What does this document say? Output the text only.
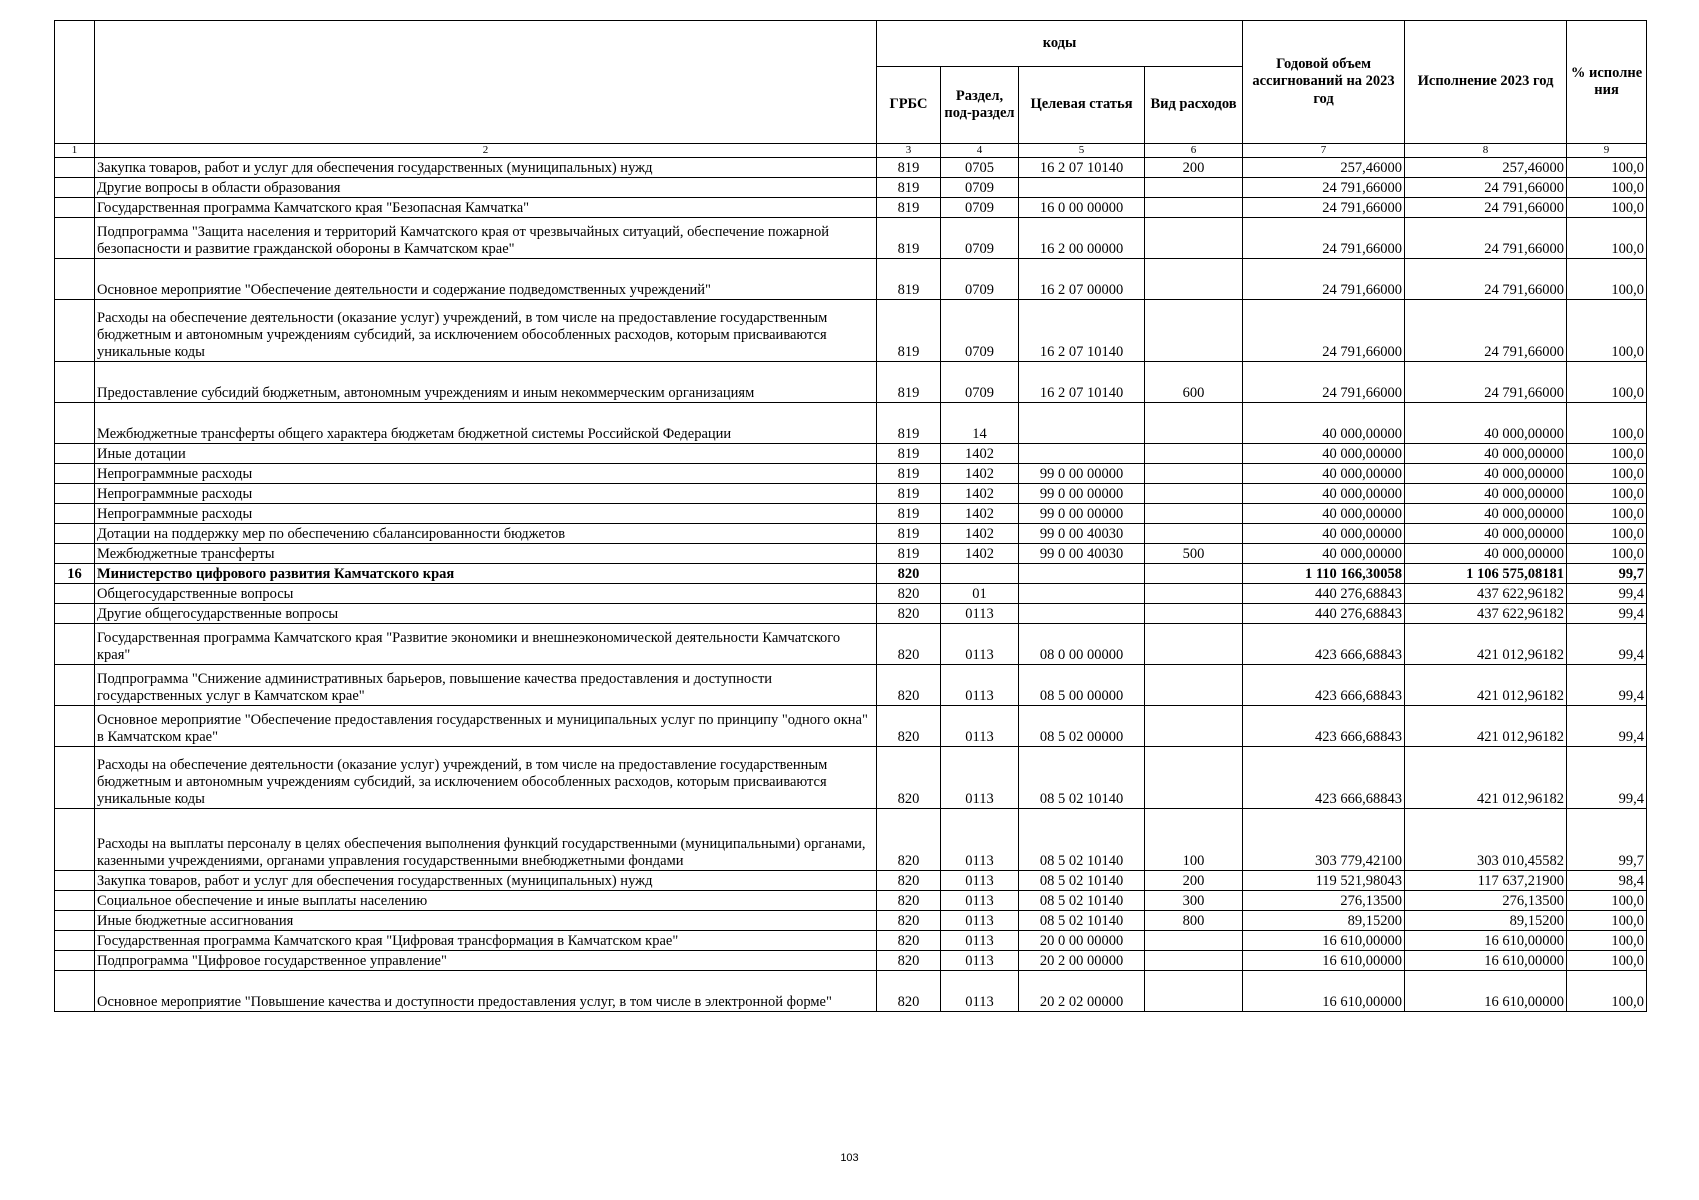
		коды				Годовой объем ассигнований на 2023 год	Исполнение 2023 год	% исполне ния
		ГРБС	Раздел, под-раздел	Целевая статья	Вид расходов			
1	2	3	4	5	6	7	8	9
	Закупка товаров, работ и услуг для обеспечения государственных (муниципальных) нужд	819	0705	16 2 07 10140	200	257,46000	257,46000	100,0
	Другие вопросы в области образования	819	0709			24 791,66000	24 791,66000	100,0
	Государственная программа Камчатского края "Безопасная Камчатка"	819	0709	16 0 00 00000		24 791,66000	24 791,66000	100,0
	Подпрограмма "Защита населения и территорий Камчатского края от чрезвычайных ситуаций, обеспечение пожарной безопасности и развитие гражданской обороны в Камчатском крае"	819	0709	16 2 00 00000		24 791,66000	24 791,66000	100,0
	Основное мероприятие "Обеспечение деятельности и содержание подведомственных учреждений"	819	0709	16 2 07 00000		24 791,66000	24 791,66000	100,0
	Расходы на обеспечение деятельности (оказание услуг) учреждений, в том числе на предоставление государственным бюджетным и автономным учреждениям субсидий, за исключением обособленных расходов, которым присваиваются уникальные коды	819	0709	16 2 07 10140		24 791,66000	24 791,66000	100,0
	Предоставление субсидий бюджетным, автономным учреждениям и иным некоммерческим организациям	819	0709	16 2 07 10140	600	24 791,66000	24 791,66000	100,0
	Межбюджетные трансферты общего характера бюджетам бюджетной системы Российской Федерации	819	14			40 000,00000	40 000,00000	100,0
	Иные дотации	819	1402			40 000,00000	40 000,00000	100,0
	Непрограммные расходы	819	1402	99 0 00 00000		40 000,00000	40 000,00000	100,0
	Непрограммные расходы	819	1402	99 0 00 00000		40 000,00000	40 000,00000	100,0
	Непрограммные расходы	819	1402	99 0 00 00000		40 000,00000	40 000,00000	100,0
	Дотации на поддержку мер по обеспечению сбалансированности бюджетов	819	1402	99 0 00 40030		40 000,00000	40 000,00000	100,0
	Межбюджетные трансферты	819	1402	99 0 00 40030	500	40 000,00000	40 000,00000	100,0
16	Министерство цифрового развития Камчатского края	820				1 110 166,30058	1 106 575,08181	99,7
	Общегосударственные вопросы	820	01			440 276,68843	437 622,96182	99,4
	Другие общегосударственные вопросы	820	0113			440 276,68843	437 622,96182	99,4
	Государственная программа Камчатского края "Развитие экономики и внешнеэкономической деятельности Камчатского края"	820	0113	08 0 00 00000		423 666,68843	421 012,96182	99,4
	Подпрограмма "Снижение административных барьеров, повышение качества предоставления и доступности государственных услуг в Камчатском крае"	820	0113	08 5 00 00000		423 666,68843	421 012,96182	99,4
	Основное мероприятие "Обеспечение предоставления государственных и муниципальных услуг по принципу "одного окна" в Камчатском крае"	820	0113	08 5 02 00000		423 666,68843	421 012,96182	99,4
	Расходы на обеспечение деятельности (оказание услуг) учреждений, в том числе на предоставление государственным бюджетным и автономным учреждениям субсидий, за исключением обособленных расходов, которым присваиваются уникальные коды	820	0113	08 5 02 10140		423 666,68843	421 012,96182	99,4
	Расходы на выплаты персоналу в целях обеспечения выполнения функций государственными (муниципальными) органами, казенными учреждениями, органами управления государственными внебюджетными фондами	820	0113	08 5 02 10140	100	303 779,42100	303 010,45582	99,7
	Закупка товаров, работ и услуг для обеспечения государственных (муниципальных) нужд	820	0113	08 5 02 10140	200	119 521,98043	117 637,21900	98,4
	Социальное обеспечение и иные выплаты населению	820	0113	08 5 02 10140	300	276,13500	276,13500	100,0
	Иные бюджетные ассигнования	820	0113	08 5 02 10140	800	89,15200	89,15200	100,0
	Государственная программа Камчатского края "Цифровая трансформация в Камчатском крае"	820	0113	20 0 00 00000		16 610,00000	16 610,00000	100,0
	Подпрограмма "Цифровое государственное управление"	820	0113	20 2 00 00000		16 610,00000	16 610,00000	100,0
	Основное мероприятие "Повышение качества и доступности предоставления услуг, в том числе в электронной форме"	820	0113	20 2 02 00000		16 610,00000	16 610,00000	100,0
103
